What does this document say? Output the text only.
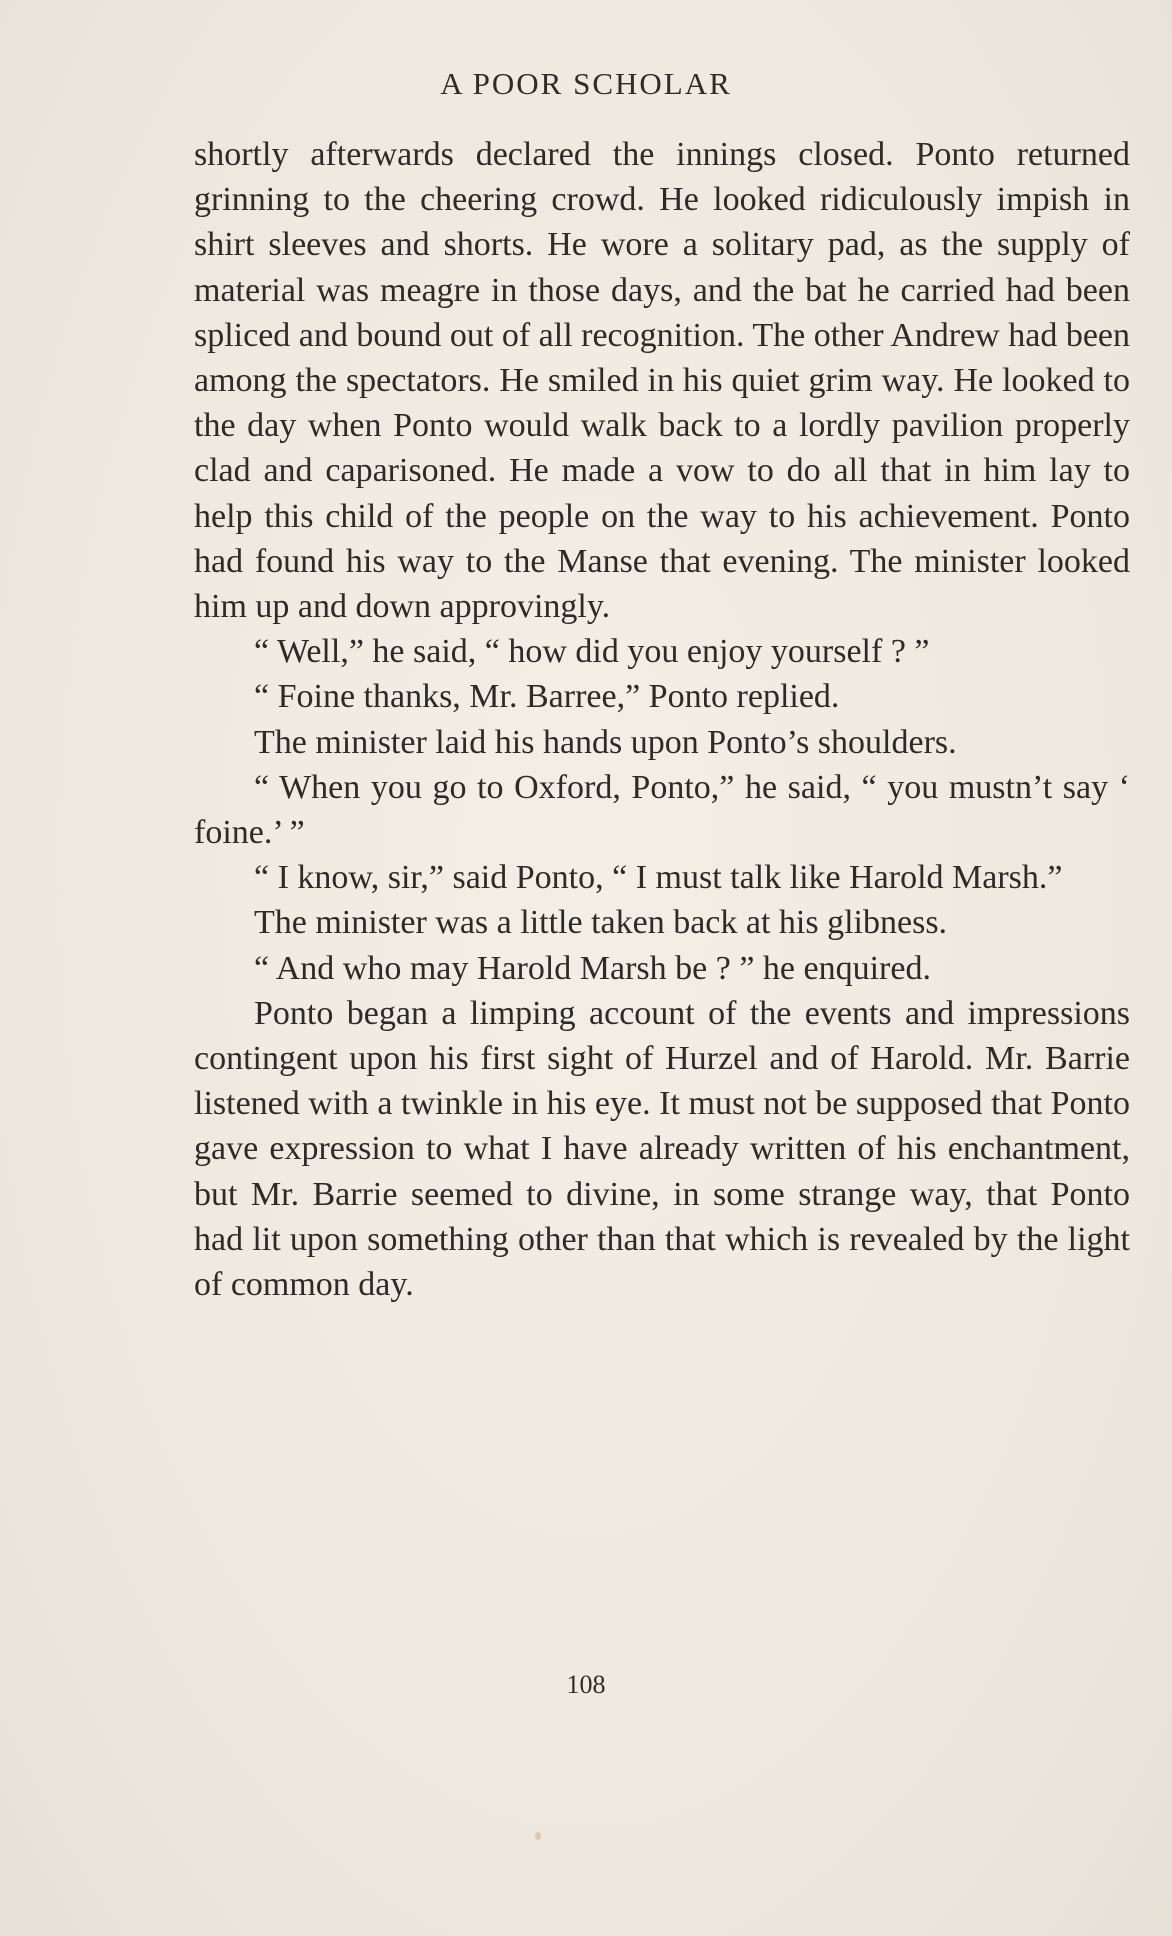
A POOR SCHOLAR

shortly afterwards declared the innings closed. Ponto returned grinning to the cheering crowd. He looked ridiculously impish in shirt sleeves and shorts. He wore a solitary pad, as the supply of material was meagre in those days, and the bat he carried had been spliced and bound out of all recognition. The other Andrew had been among the spectators. He smiled in his quiet grim way. He looked to the day when Ponto would walk back to a lordly pavilion properly clad and caparisoned. He made a vow to do all that in him lay to help this child of the people on the way to his achievement. Ponto had found his way to the Manse that evening. The minister looked him up and down approvingly.

“ Well,” he said, “ how did you enjoy yourself ? ”

“ Foine thanks, Mr. Barree,” Ponto replied.

The minister laid his hands upon Ponto’s shoulders.

“ When you go to Oxford, Ponto,” he said, “ you mustn’t say ‘ foine.’ ”

“ I know, sir,” said Ponto, “ I must talk like Harold Marsh.”

The minister was a little taken back at his glibness.

“ And who may Harold Marsh be ? ” he enquired.

Ponto began a limping account of the events and impressions contingent upon his first sight of Hurzel and of Harold. Mr. Barrie listened with a twinkle in his eye. It must not be supposed that Ponto gave expression to what I have already written of his enchantment, but Mr. Barrie seemed to divine, in some strange way, that Ponto had lit upon something other than that which is revealed by the light of common day.

108
